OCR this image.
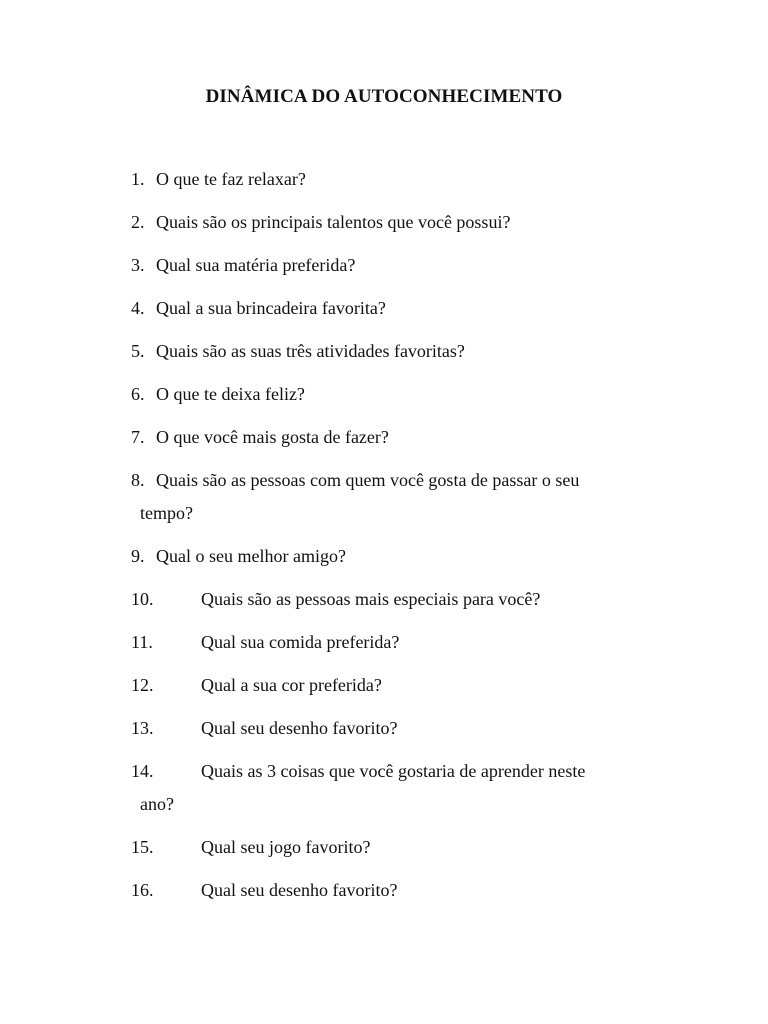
DINÂMICA DO AUTOCONHECIMENTO
1. O que te faz relaxar?
2. Quais são os principais talentos que você possui?
3. Qual sua matéria preferida?
4. Qual a sua brincadeira favorita?
5. Quais são as suas três atividades favoritas?
6. O que te deixa feliz?
7. O que você mais gosta de fazer?
8. Quais são as pessoas com quem você gosta de passar o seu
tempo?
9. Qual o seu melhor amigo?
10.	Quais são as pessoas mais especiais para você?
11.	Qual sua comida preferida?
12.	Qual a sua cor preferida?
13.	Qual seu desenho favorito?
14.	Quais as 3 coisas que você gostaria de aprender neste
ano?
15.	Qual seu jogo favorito?
16.	Qual seu desenho favorito?
